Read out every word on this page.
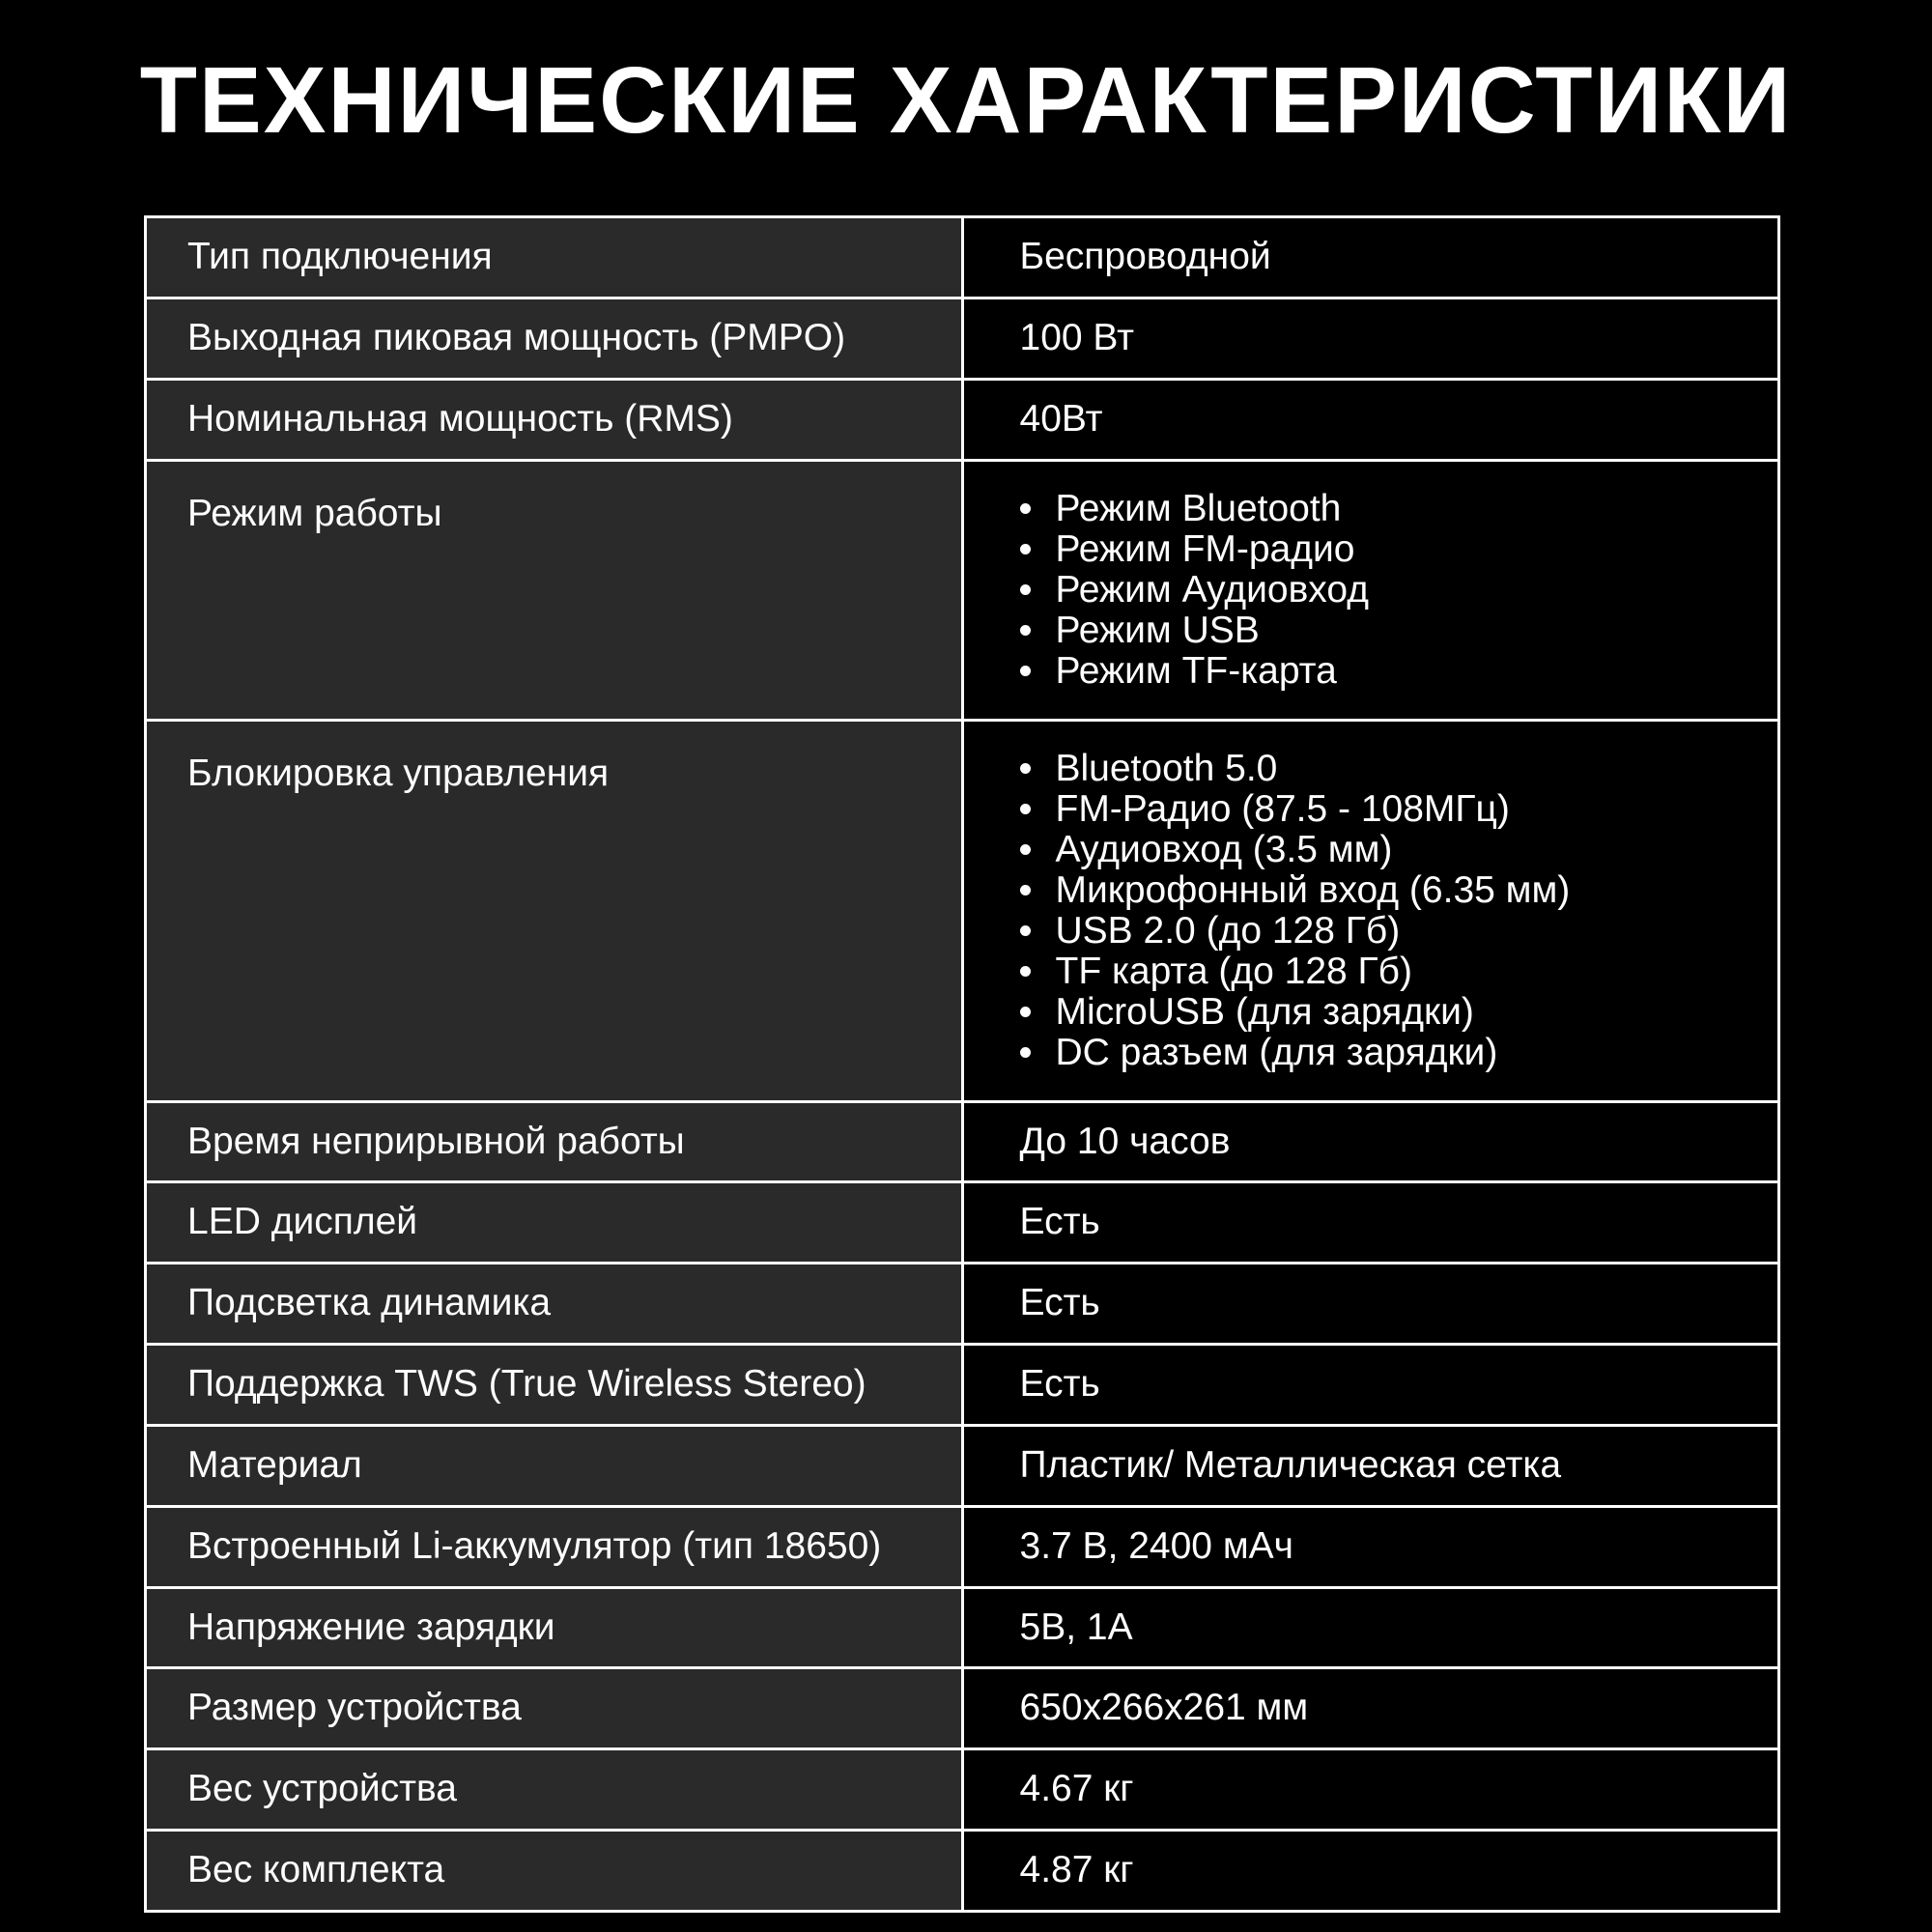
ТЕХНИЧЕСКИЕ ХАРАКТЕРИСТИКИ
Тип подключения	Беспроводной
Выходная пиковая мощность (PMPO)	100 Вт
Номинальная мощность (RMS)	40Вт
Режим работы	Режим Bluetooth
Режим FM-радио
Режим Аудиовход
Режим USB
Режим TF-карта

Блокировка управления	Bluetooth 5.0
FM-Радио (87.5 - 108МГц)
Аудиовход (3.5 мм)
Микрофонный вход (6.35 мм)
USB 2.0 (до 128 Гб)
TF карта (до 128 Гб)
MicroUSB (для зарядки)
DC разъем (для зарядки)

Время неприрывной работы	До 10 часов
LED дисплей	Есть
Подсветка динамика	Есть
Поддержка TWS (True Wireless Stereo)	Есть
Материал	Пластик/ Металлическая сетка
Встроенный Li-аккумулятор (тип 18650)	3.7 В, 2400 мАч
Напряжение зарядки	5В, 1А
Размер устройства	650х266х261 мм
Вес устройства	4.67 кг
Вес комплекта	4.87 кг
